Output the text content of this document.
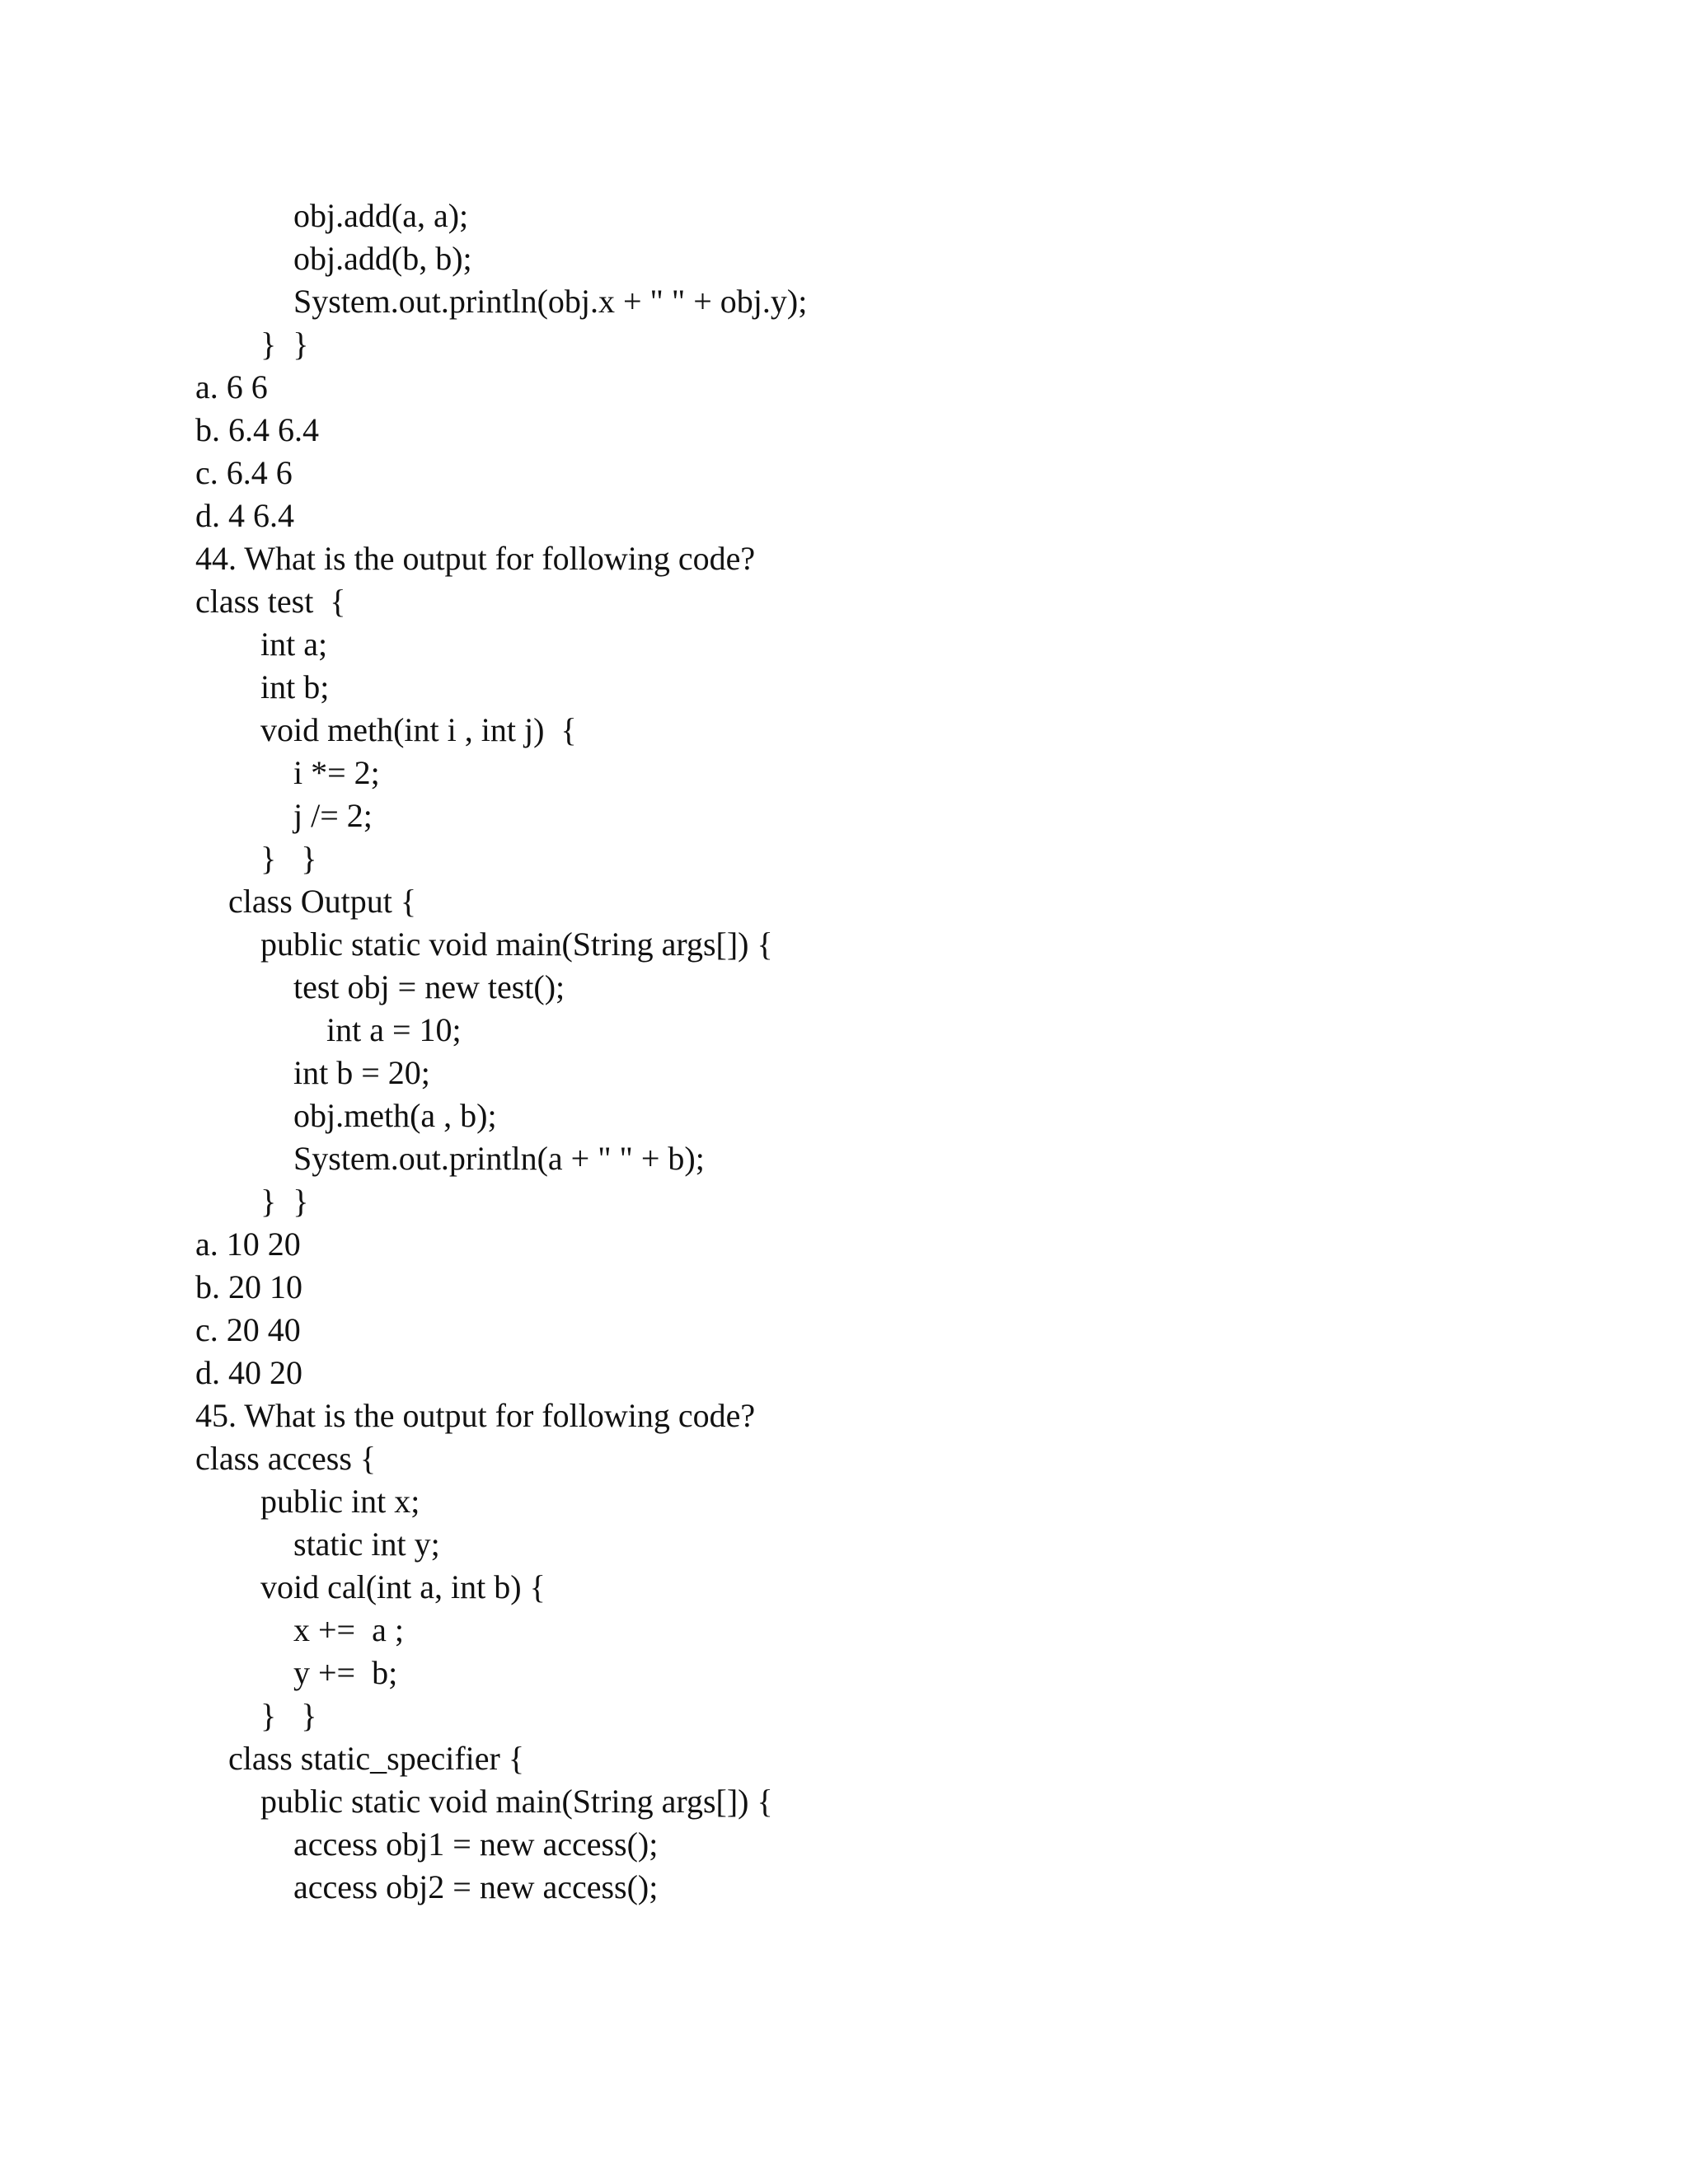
obj.add(a, a);

obj.add(b, b);

System.out.println(obj.x + " " + obj.y);

}  }

a. 6 6

b. 6.4 6.4

c. 6.4 6

d. 4 6.4

44. What is the output for following code?

class test  {

int a;

int b;

void meth(int i , int j)  {

i *= 2;

j /= 2;

}   }

class Output {

public static void main(String args[]) {

test obj = new test();

int a = 10;

int b = 20;

obj.meth(a , b);

System.out.println(a + " " + b);

}  }

a. 10 20

b. 20 10

c. 20 40

d. 40 20

45. What is the output for following code?

class access {

public int x;

static int y;

void cal(int a, int b) {

x +=  a ;

y +=  b;

}   }

class static_specifier {

public static void main(String args[]) {

access obj1 = new access();

access obj2 = new access();
